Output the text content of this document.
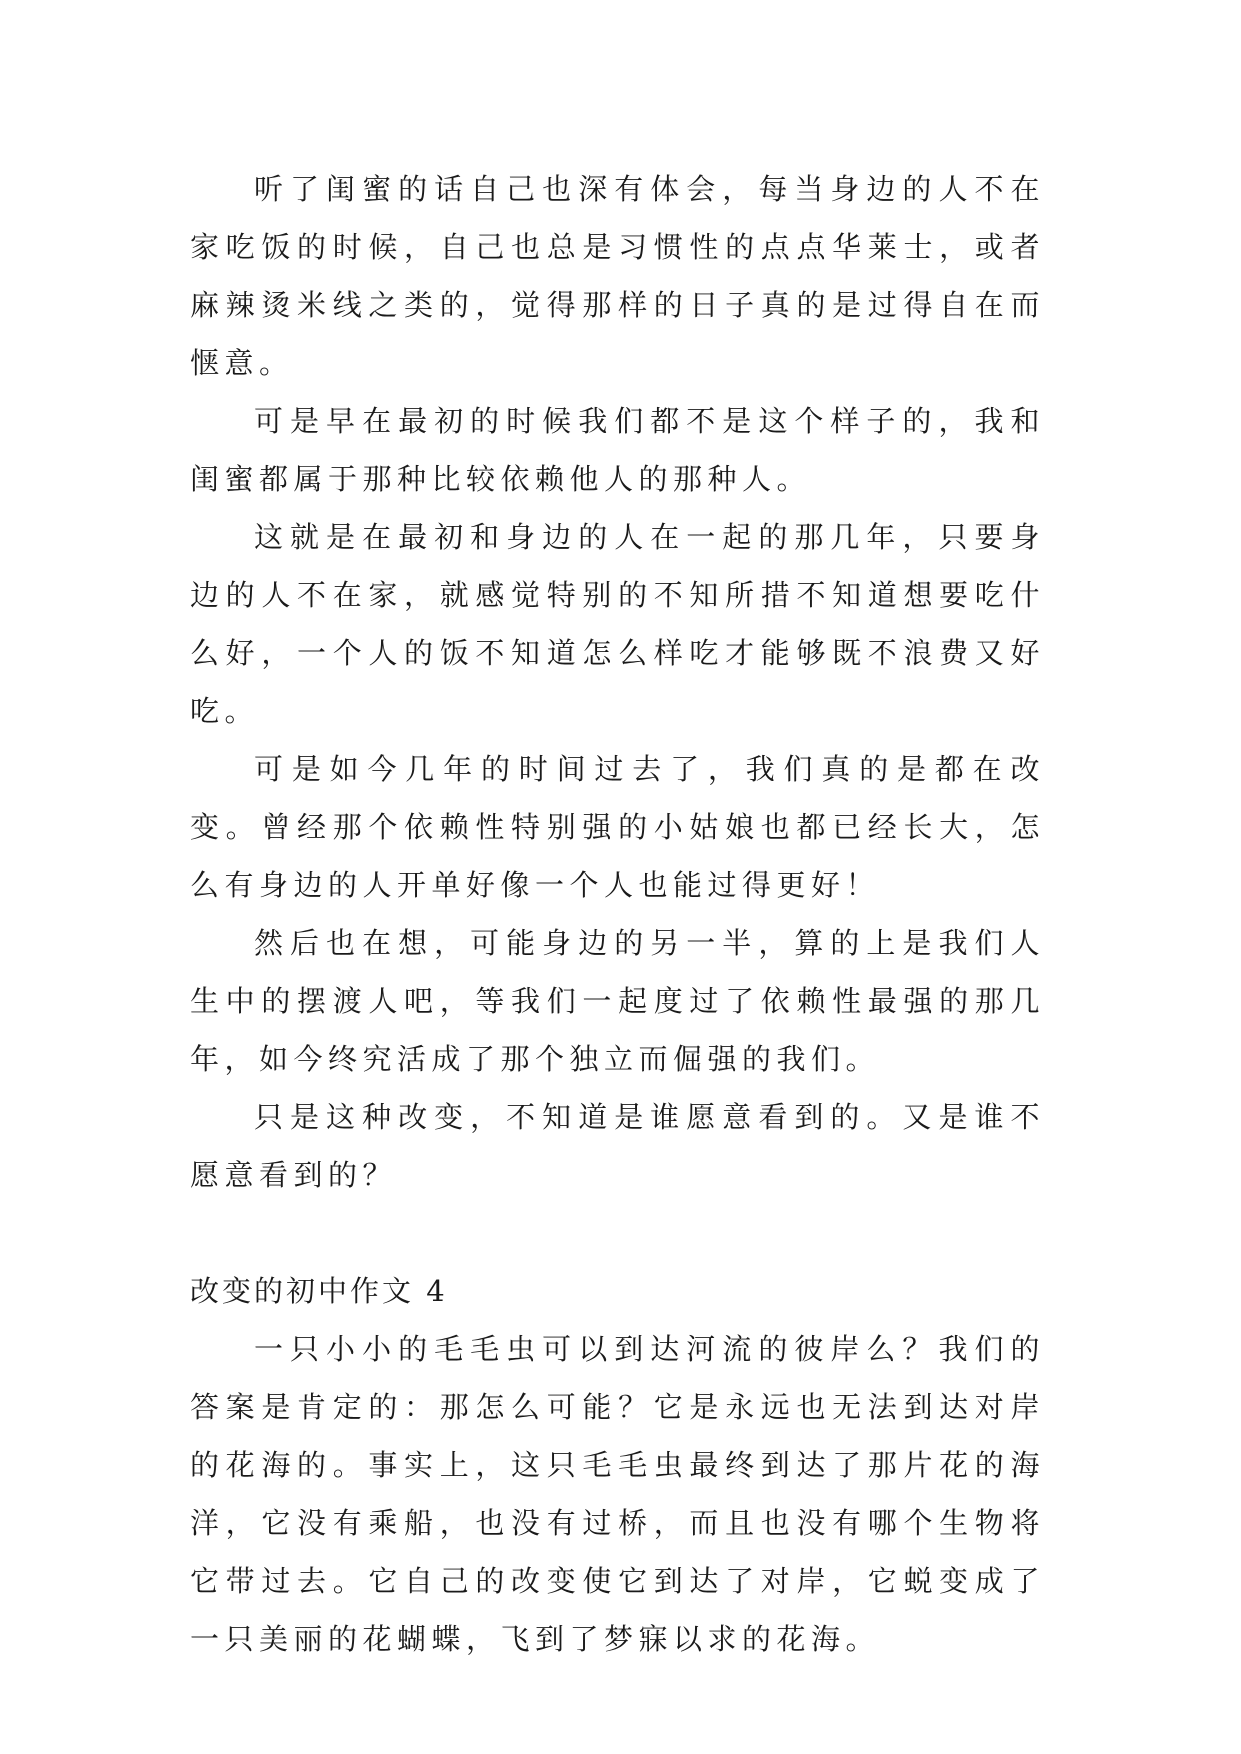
听了闺蜜的话自己也深有体会，每当身边的人不在家吃饭的时候，自己也总是习惯性的点点华莱士，或者麻辣烫米线之类的，觉得那样的日子真的是过得自在而惬意。

可是早在最初的时候我们都不是这个样子的，我和闺蜜都属于那种比较依赖他人的那种人。

这就是在最初和身边的人在一起的那几年，只要身边的人不在家，就感觉特别的不知所措不知道想要吃什么好，一个人的饭不知道怎么样吃才能够既不浪费又好吃。

可是如今几年的时间过去了，我们真的是都在改变。曾经那个依赖性特别强的小姑娘也都已经长大，怎么有身边的人开单好像一个人也能过得更好！

然后也在想，可能身边的另一半，算的上是我们人生中的摆渡人吧，等我们一起度过了依赖性最强的那几年，如今终究活成了那个独立而倔强的我们。

只是这种改变，不知道是谁愿意看到的。又是谁不愿意看到的？

改变的初中作文 4

一只小小的毛毛虫可以到达河流的彼岸么？我们的答案是肯定的：那怎么可能？它是永远也无法到达对岸的花海的。事实上，这只毛毛虫最终到达了那片花的海洋，它没有乘船，也没有过桥，而且也没有哪个生物将它带过去。它自己的改变使它到达了对岸，它蜕变成了一只美丽的花蝴蝶，飞到了梦寐以求的花海。
